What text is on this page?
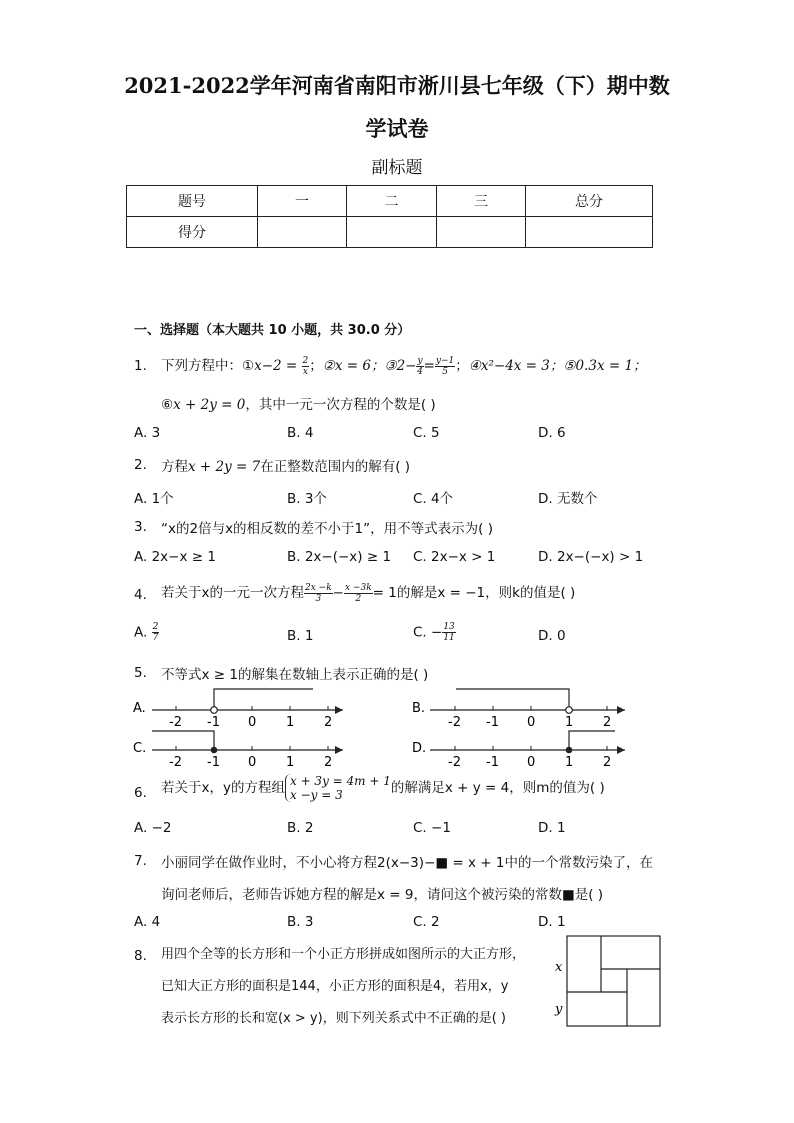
2021-2022学年河南省南阳市淅川县七年级（下）期中数
学试卷
副标题
题号	一	二	三	总分
得分				
一、选择题（本大题共 10 小题，共 30.0 分）
1. 下列方程中：①x−2 = $\frac{2}{x}$ ；②x = 6；③2− $\frac{y}{4} = \frac{y-1}{5}$ ；④x²−4x = 3；⑤0.3x = 1；
⑥x + 2y = 0，其中一元一次方程的个数是( )
A. 3	B. 4	C. 5	D. 6
2. 方程x + 2y = 7在正整数范围内的解有( )
A. 1个	B. 3个	C. 4个	D. 无数个
3. “x的2倍与x的相反数的差不小于1”，用不等式表示为( )
A. 2x−x ≥ 1	B. 2x−(−x) ≥ 1 C. 2x−x > 1	D. 2x−(−x) > 1
4. 若关于x的一元一次方程 $\frac{2x -k}{3} - \frac{x -3k}{2} = 1$的解是x = −1，则k的值是( )
A. $\frac{2}{7}$	B. 1	C. − $\frac{13}{11}$	D. 0
5. 不等式x ≥ 1的解集在数轴上表示正确的是( )
A.
-2 -1 0 1 2
B.
-2 -1 0 1 2
C.
-2 -1 0 1 2
D.
-2 -1 0 1 2
6. 若关于x，y的方程组 x + 3y = 4m + 1
x −y = 3	的解满足x + y = 4，则m的值为( )
A. −2	B. 2	C. −1	D. 1
7. 小丽同学在做作业时，不小心将方程2(x−3)−■ = x + 1中的一个常数污染了，在
询问老师后，老师告诉她方程的解是x = 9，请问这个被污染的常数■是( )
A. 4	B. 3	C. 2	D. 1
8. 用四个全等的长方形和一个小正方形拼成如图所示的大正方形，
已知大正方形的面积是144，小正方形的面积是4，若用x，y
表示长方形的长和宽(x > y)，则下列关系式中不正确的是( )
x
y
